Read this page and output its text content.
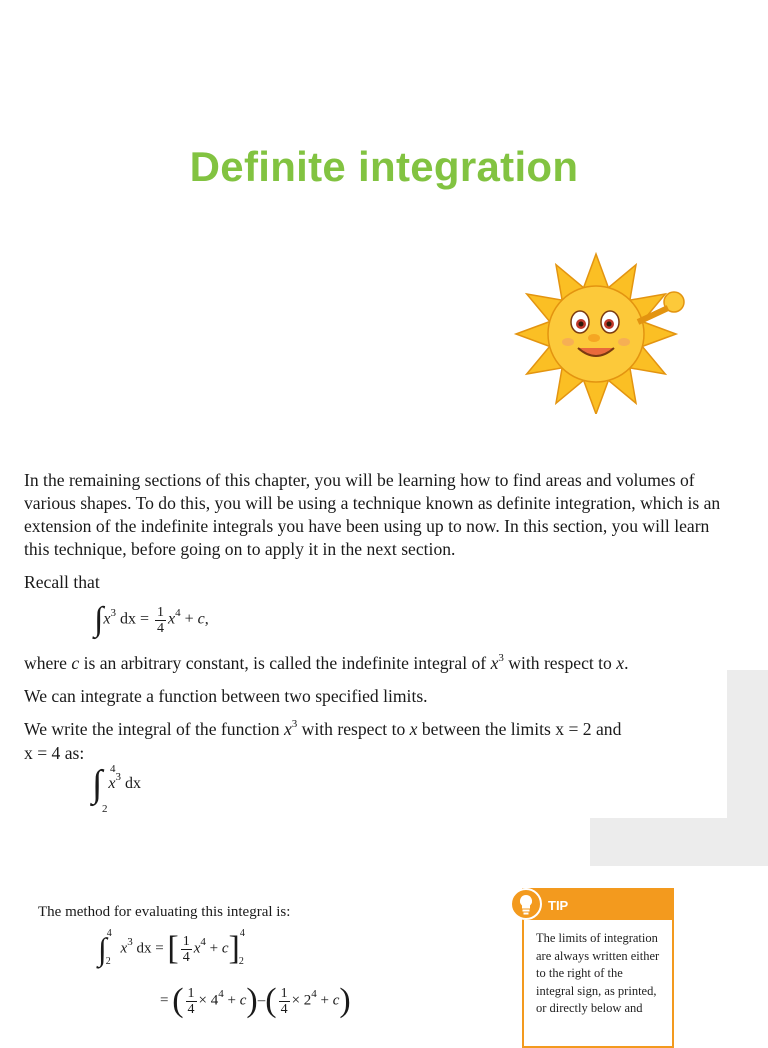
Definite integration

In the remaining sections of this chapter, you will be learning how to find areas and volumes of various shapes. To do this, you will be using a technique known as definite integration, which is an extension of the indefinite integrals you have been using up to now. In this section, you will learn this technique, before going on to apply it in the next section.

Recall that

$\int x^3$ dx = $\frac{1}{4} x^4 + c$,

where c is an arbitrary constant, is called the indefinite integral of $x^3$ with respect to x.

We can integrate a function between two specified limits.

We write the integral of the function $x^3$ with respect to x between the limits x = 2 and

x = 4 as:

∫ 4
2
$x^3$ dx
The method for evaluating this integral is:
∫$^4_2$ $x^3$ dx = [ $\frac{1}{4} x^4 + c]^4_2$
= ( $\frac{1}{4} \times 4^4 + c)-( \frac{1}{4} \times 2^4 + c)$
TIP
The limits of integration are always written either to the right of the integral sign, as printed, or directly below and
